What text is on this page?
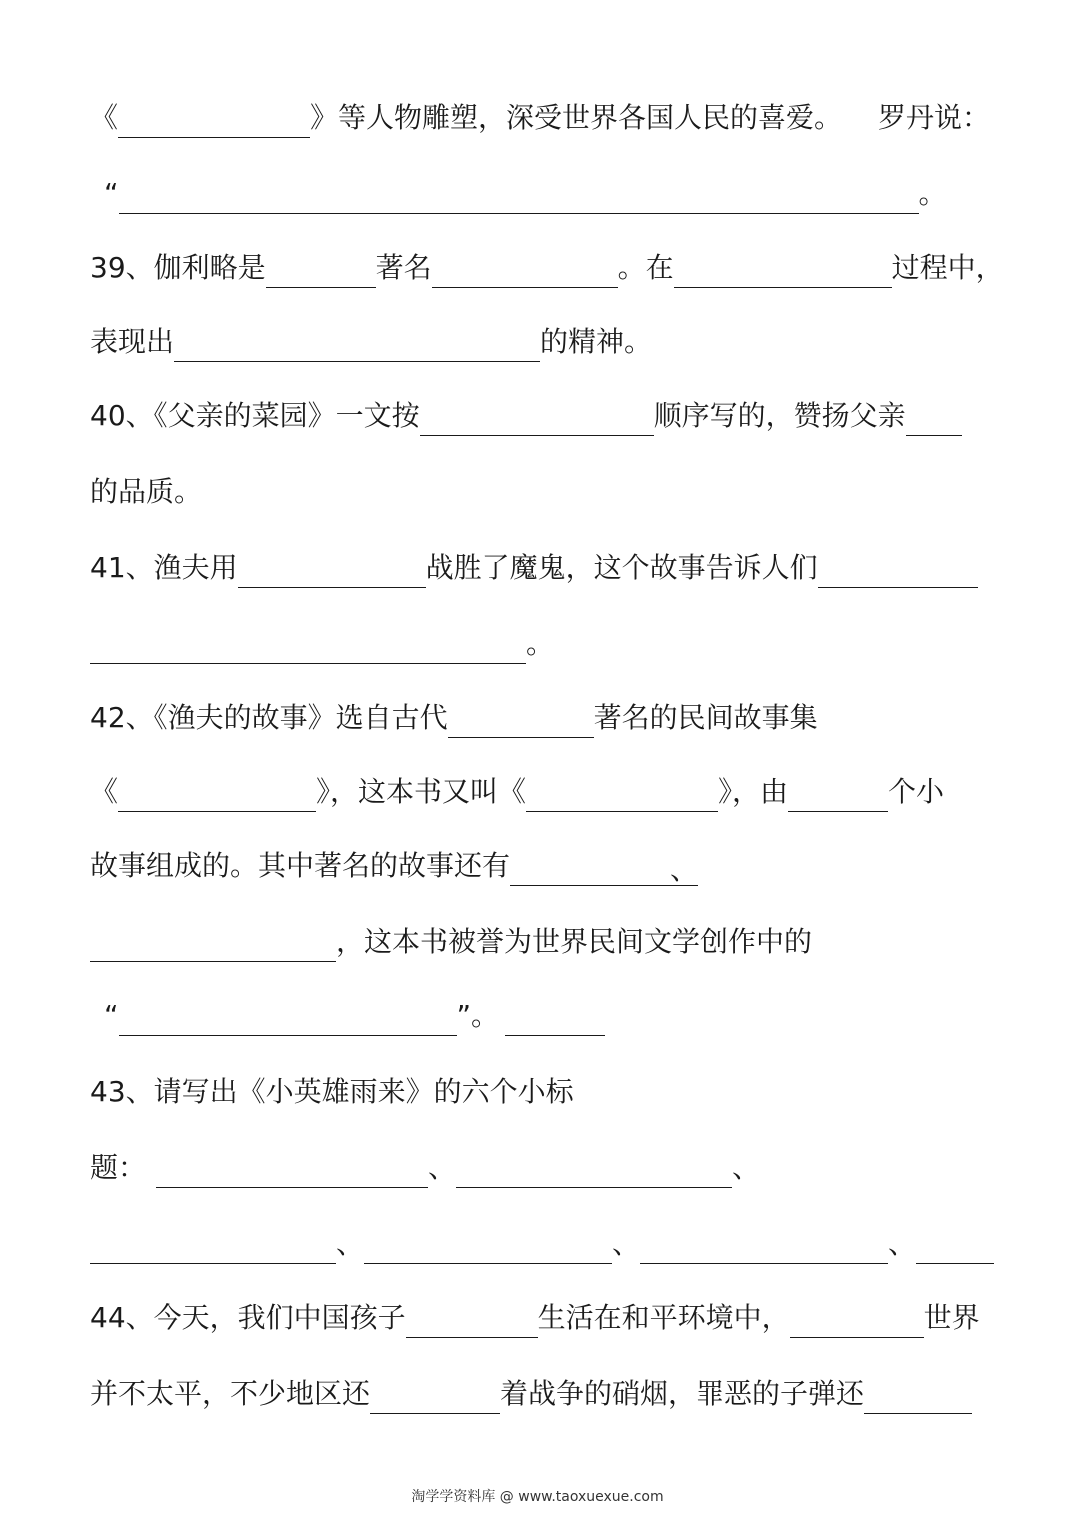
《	》等人物雕塑，深受世界各国人民的喜爱。 罗丹说：
“	。
39、伽利略是	著名	。在	过程中，
表现出	的精神。
40、《父亲的菜园》一文按	顺序写的，赞扬父亲
的品质。
41、渔夫用	战胜了魔鬼，这个故事告诉人们
。
42、《渔夫的故事》选自古代	著名的民间故事集
《	》，这本书又叫《	》，由	个小
故事组成的。其中著名的故事还有	、
，这本书被誉为世界民间文学创作中的
“	”。
43、请写出《小英雄雨来》的六个小标
题：	、	、
、	、	、
44、今天，我们中国孩子	生活在和平环境中，	世界
并不太平，不少地区还	着战争的硝烟，罪恶的子弹还
淘学学资料库 @ www.taoxuexue.com
